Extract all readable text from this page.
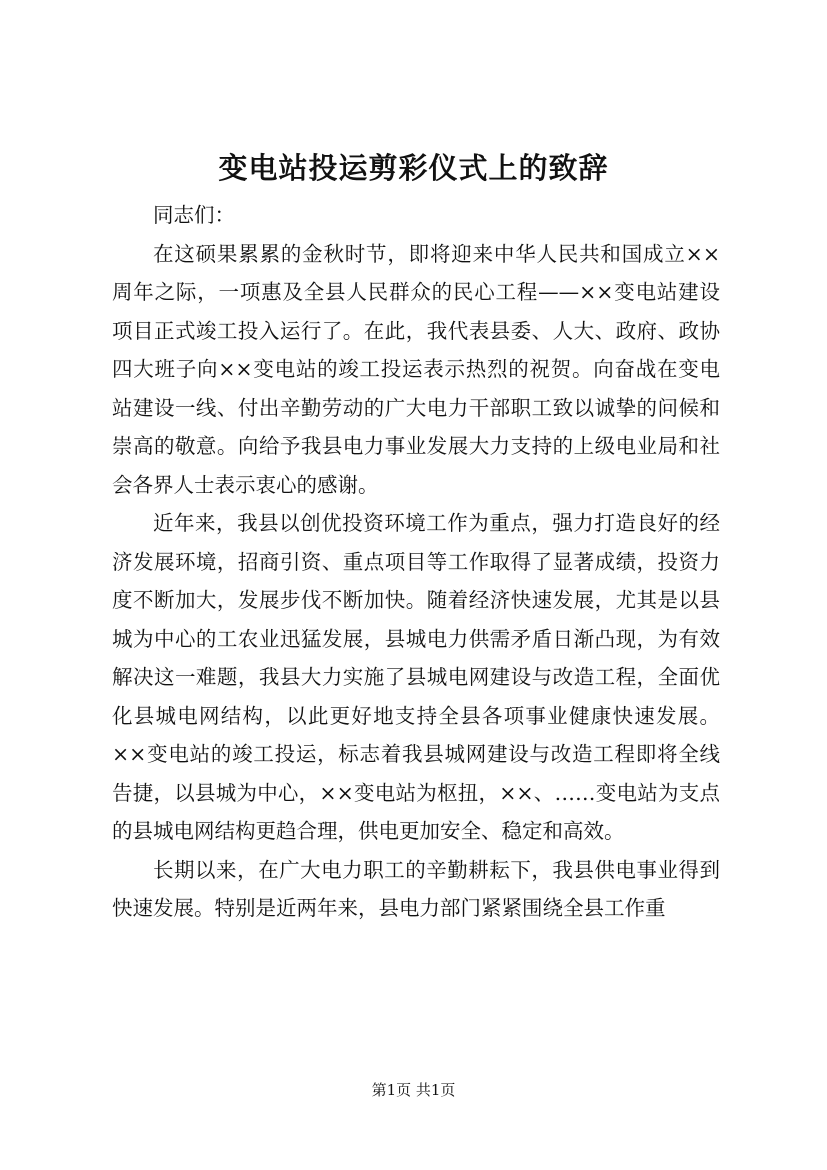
变电站投运剪彩仪式上的致辞

同志们：

在这硕果累累的金秋时节，即将迎来中华人民共和国成立××周年之际，一项惠及全县人民群众的民心工程——××变电站建设项目正式竣工投入运行了。在此，我代表县委、人大、政府、政协四大班子向××变电站的竣工投运表示热烈的祝贺。向奋战在变电站建设一线、付出辛勤劳动的广大电力干部职工致以诚挚的问候和崇高的敬意。向给予我县电力事业发展大力支持的上级电业局和社会各界人士表示衷心的感谢。

近年来，我县以创优投资环境工作为重点，强力打造良好的经济发展环境，招商引资、重点项目等工作取得了显著成绩，投资力度不断加大，发展步伐不断加快。随着经济快速发展，尤其是以县城为中心的工农业迅猛发展，县城电力供需矛盾日渐凸现，为有效解决这一难题，我县大力实施了县城电网建设与改造工程，全面优化县城电网结构，以此更好地支持全县各项事业健康快速发展。××变电站的竣工投运，标志着我县城网建设与改造工程即将全线告捷，以县城为中心，××变电站为枢扭，××、……变电站为支点的县城电网结构更趋合理，供电更加安全、稳定和高效。

长期以来，在广大电力职工的辛勤耕耘下，我县供电事业得到快速发展。特别是近两年来，县电力部门紧紧围绕全县工作重

第1页 共1页
